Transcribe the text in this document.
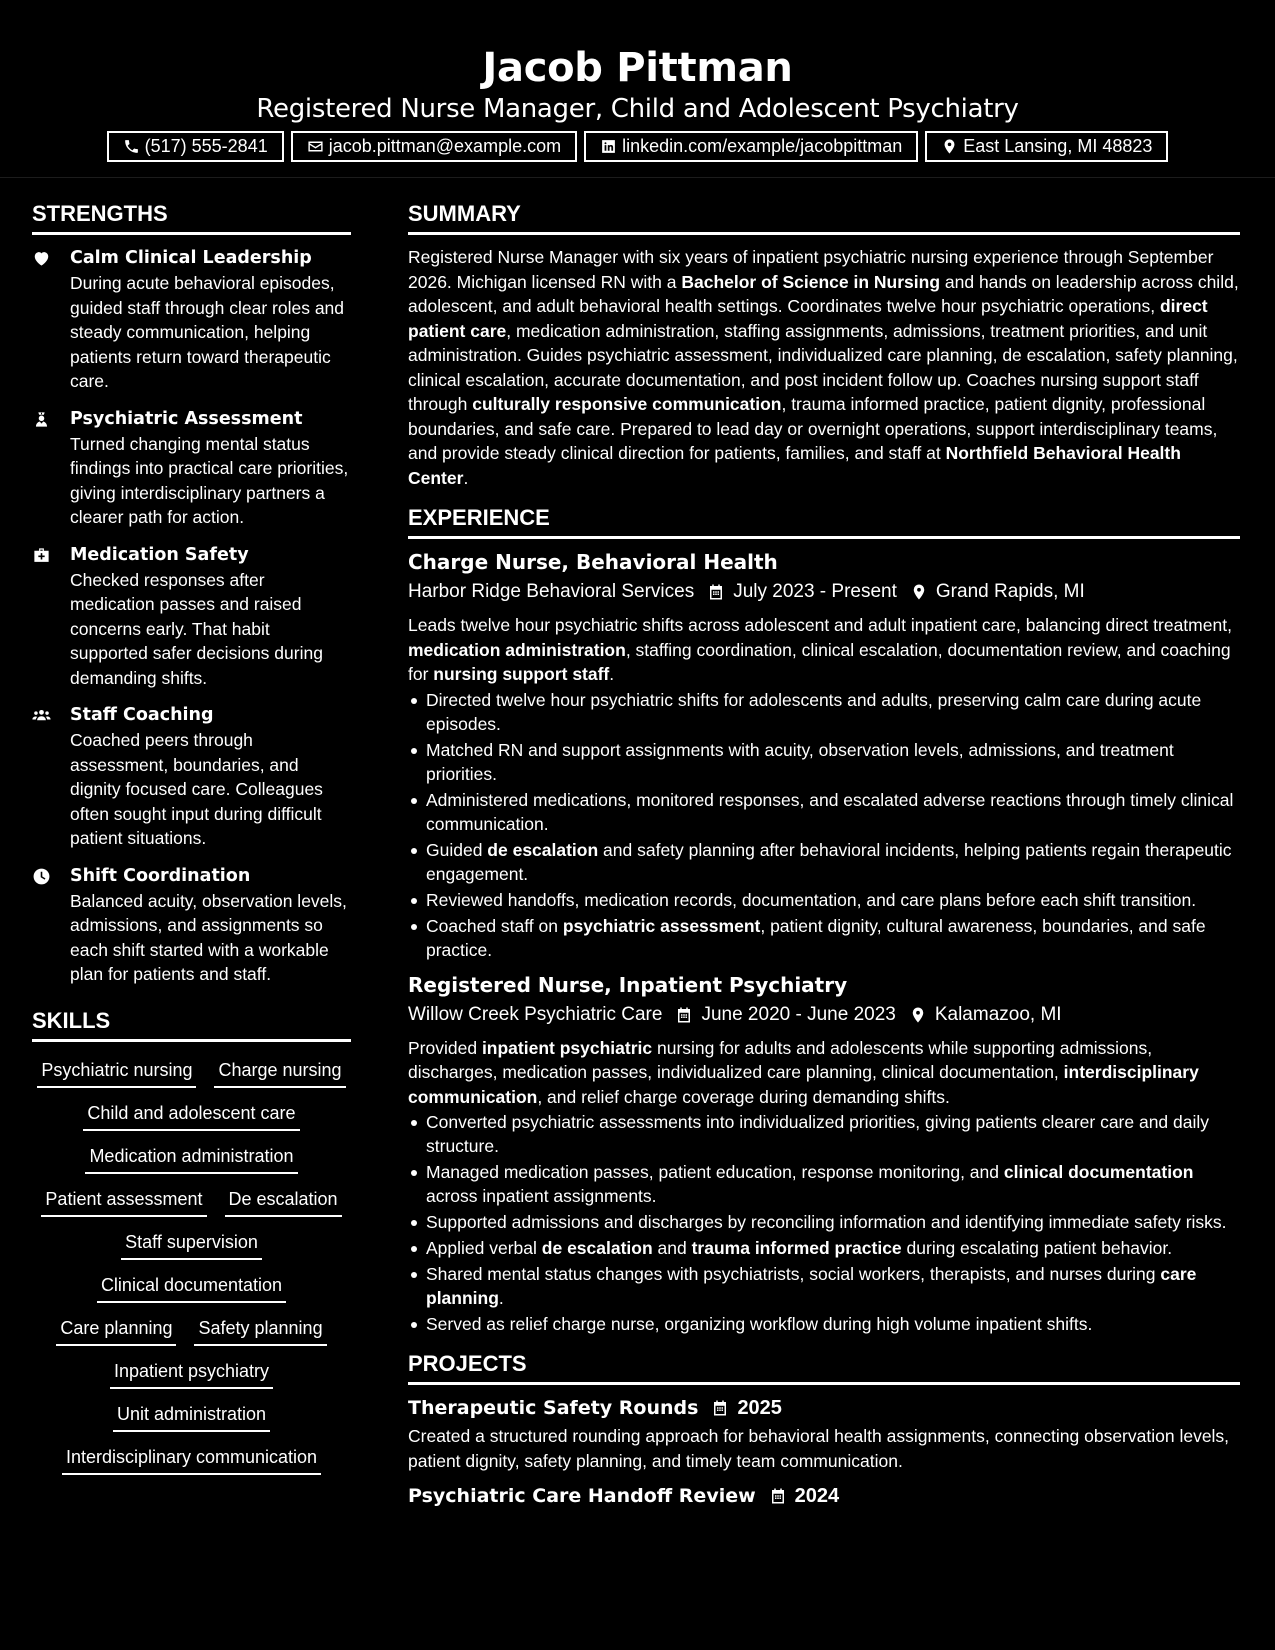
Jacob Pittman
Registered Nurse Manager, Child and Adolescent Psychiatry
(517) 555-2841	jacob.pittman@example.com	linkedin.com/example/jacobpittman	East Lansing, MI 48823
STRENGTHS
Calm Clinical Leadership
During acute behavioral episodes, guided staff through clear roles and steady communication, helping patients return toward therapeutic care.
Psychiatric Assessment
Turned changing mental status findings into practical care priorities, giving interdisciplinary partners a clearer path for action.
Medication Safety
Checked responses after medication passes and raised concerns early. That habit supported safer decisions during demanding shifts.
Staff Coaching
Coached peers through assessment, boundaries, and dignity focused care. Colleagues often sought input during difficult patient situations.
Shift Coordination
Balanced acuity, observation levels, admissions, and assignments so each shift started with a workable plan for patients and staff.
SKILLS
Psychiatric nursing Charge nursing
Child and adolescent care
Medication administration
Patient assessment De escalation
Staff supervision
Clinical documentation
Care planning Safety planning
Inpatient psychiatry
Unit administration
Interdisciplinary communication
SUMMARY
Registered Nurse Manager with six years of inpatient psychiatric nursing experience through September 2026. Michigan licensed RN with a Bachelor of Science in Nursing and hands on leadership across child, adolescent, and adult behavioral health settings. Coordinates twelve hour psychiatric operations, direct patient care, medication administration, staffing assignments, admissions, treatment priorities, and unit administration. Guides psychiatric assessment, individualized care planning, de escalation, safety planning, clinical escalation, accurate documentation, and post incident follow up. Coaches nursing support staff through culturally responsive communication, trauma informed practice, patient dignity, professional boundaries, and safe care. Prepared to lead day or overnight operations, support interdisciplinary teams, and provide steady clinical direction for patients, families, and staff at Northfield Behavioral Health Center.
EXPERIENCE
Charge Nurse, Behavioral Health
Harbor Ridge Behavioral Services July 2023 - Present Grand Rapids, MI
Leads twelve hour psychiatric shifts across adolescent and adult inpatient care, balancing direct treatment, medication administration, staffing coordination, clinical escalation, documentation review, and coaching for nursing support staff.
Directed twelve hour psychiatric shifts for adolescents and adults, preserving calm care during acute episodes.
Matched RN and support assignments with acuity, observation levels, admissions, and treatment priorities.
Administered medications, monitored responses, and escalated adverse reactions through timely clinical communication.
Guided de escalation and safety planning after behavioral incidents, helping patients regain therapeutic engagement.
Reviewed handoffs, medication records, documentation, and care plans before each shift transition.
Coached staff on psychiatric assessment, patient dignity, cultural awareness, boundaries, and safe practice.
Registered Nurse, Inpatient Psychiatry
Willow Creek Psychiatric Care June 2020 - June 2023 Kalamazoo, MI
Provided inpatient psychiatric nursing for adults and adolescents while supporting admissions, discharges, medication passes, individualized care planning, clinical documentation, interdisciplinary communication, and relief charge coverage during demanding shifts.
Converted psychiatric assessments into individualized priorities, giving patients clearer care and daily structure.
Managed medication passes, patient education, response monitoring, and clinical documentation across inpatient assignments.
Supported admissions and discharges by reconciling information and identifying immediate safety risks.
Applied verbal de escalation and trauma informed practice during escalating patient behavior.
Shared mental status changes with psychiatrists, social workers, therapists, and nurses during care planning.
Served as relief charge nurse, organizing workflow during high volume inpatient shifts.
PROJECTS
Therapeutic Safety Rounds 2025
Created a structured rounding approach for behavioral health assignments, connecting observation levels, patient dignity, safety planning, and timely team communication.
Psychiatric Care Handoff Review 2024
